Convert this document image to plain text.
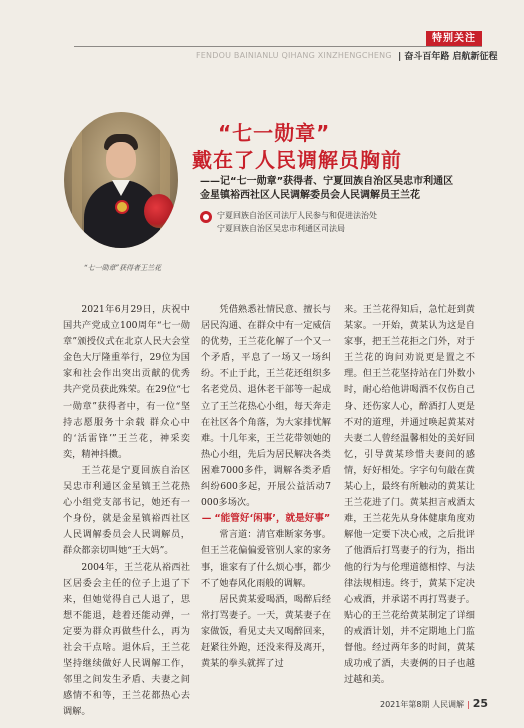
特别关注
FENDOU BAINIANLU QIHANG XINZHENGCHENG | 奋斗百年路 启航新征程
“七一勋章”获得者王兰花
“七一勋章”
戴在了人民调解员胸前
——记“七一勋章”获得者、宁夏回族自治区吴忠市利通区
金星镇裕西社区人民调解委员会人民调解员王兰花
宁夏回族自治区司法厅人民参与和促进法治处
宁夏回族自治区吴忠市利通区司法局

2021年6月29日，庆祝中国共产党成立100周年“七一勋章”颁授仪式在北京人民大会堂金色大厅隆重举行，29位为国家和社会作出突出贡献的优秀共产党员获此殊荣。在29位“七一勋章”获得者中，有一位“坚持志愿服务十余载 群众心中的‘活雷锋’”王兰花，神采奕奕，精神抖擞。

王兰花是宁夏回族自治区吴忠市利通区金星镇王兰花热心小组党支部书记，她还有一个身份，就是金星镇裕西社区人民调解委员会人民调解员，群众都亲切叫她“王大妈”。

2004年，王兰花从裕西社区居委会主任的位子上退了下来，但她觉得自己人退了，思想不能退，趁着还能动弹，一定要为群众再做些什么，再为社会干点啥。退休后，王兰花坚持继续做好人民调解工作，邻里之间发生矛盾、夫妻之间感情不和等，王兰花都热心去调解。

凭借熟悉社情民意、擅长与居民沟通、在群众中有一定威信的优势，王兰花化解了一个又一个矛盾，平息了一场又一场纠纷。不止于此，王兰花还组织多名老党员、退休老干部等一起成立了王兰花热心小组，每天奔走在社区各个角落，为大家排忧解难。十几年来，王兰花带领她的热心小组，先后为居民解决各类困难7000多件，调解各类矛盾纠纷600多起，开展公益活动7000多场次。

— “能管好‘闲事’，就是好事”

常言道：清官难断家务事。但王兰花偏偏爱管别人家的家务事，谁家有了什么烦心事，都少不了她春风化雨般的调解。

居民黄某爱喝酒，喝醉后经常打骂妻子。一天，黄某妻子在家做饭，看见丈夫又喝醉回来，赶紧往外跑，还没来得及离开，黄某的拳头就挥了过

来。王兰花得知后，急忙赶到黄某家。一开始，黄某认为这是自家事，把王兰花拒之门外，对于王兰花的询问劝说更是置之不理。但王兰花坚持站在门外数小时，耐心给他讲喝酒不仅伤自己身、还伤家人心，醉酒打人更是不对的道理，并通过唤起黄某对夫妻二人曾经温馨相处的美好回忆，引导黄某珍惜夫妻间的感情，好好相处。字字句句敲在黄某心上，最终有所触动的黄某让王兰花进了门。黄某担言戒酒太难，王兰花先从身体健康角度劝解他一定要下决心戒，之后批评了他酒后打骂妻子的行为，指出他的行为与伦理道德相悖、与法律法规相违。终于，黄某下定决心戒酒，并承诺不再打骂妻子。贴心的王兰花给黄某制定了详细的戒酒计划，并不定期地上门监督他。经过两年多的时间，黄某成功戒了酒，夫妻俩的日子也越过越和美。

2021年第8期 人民调解 | 25
